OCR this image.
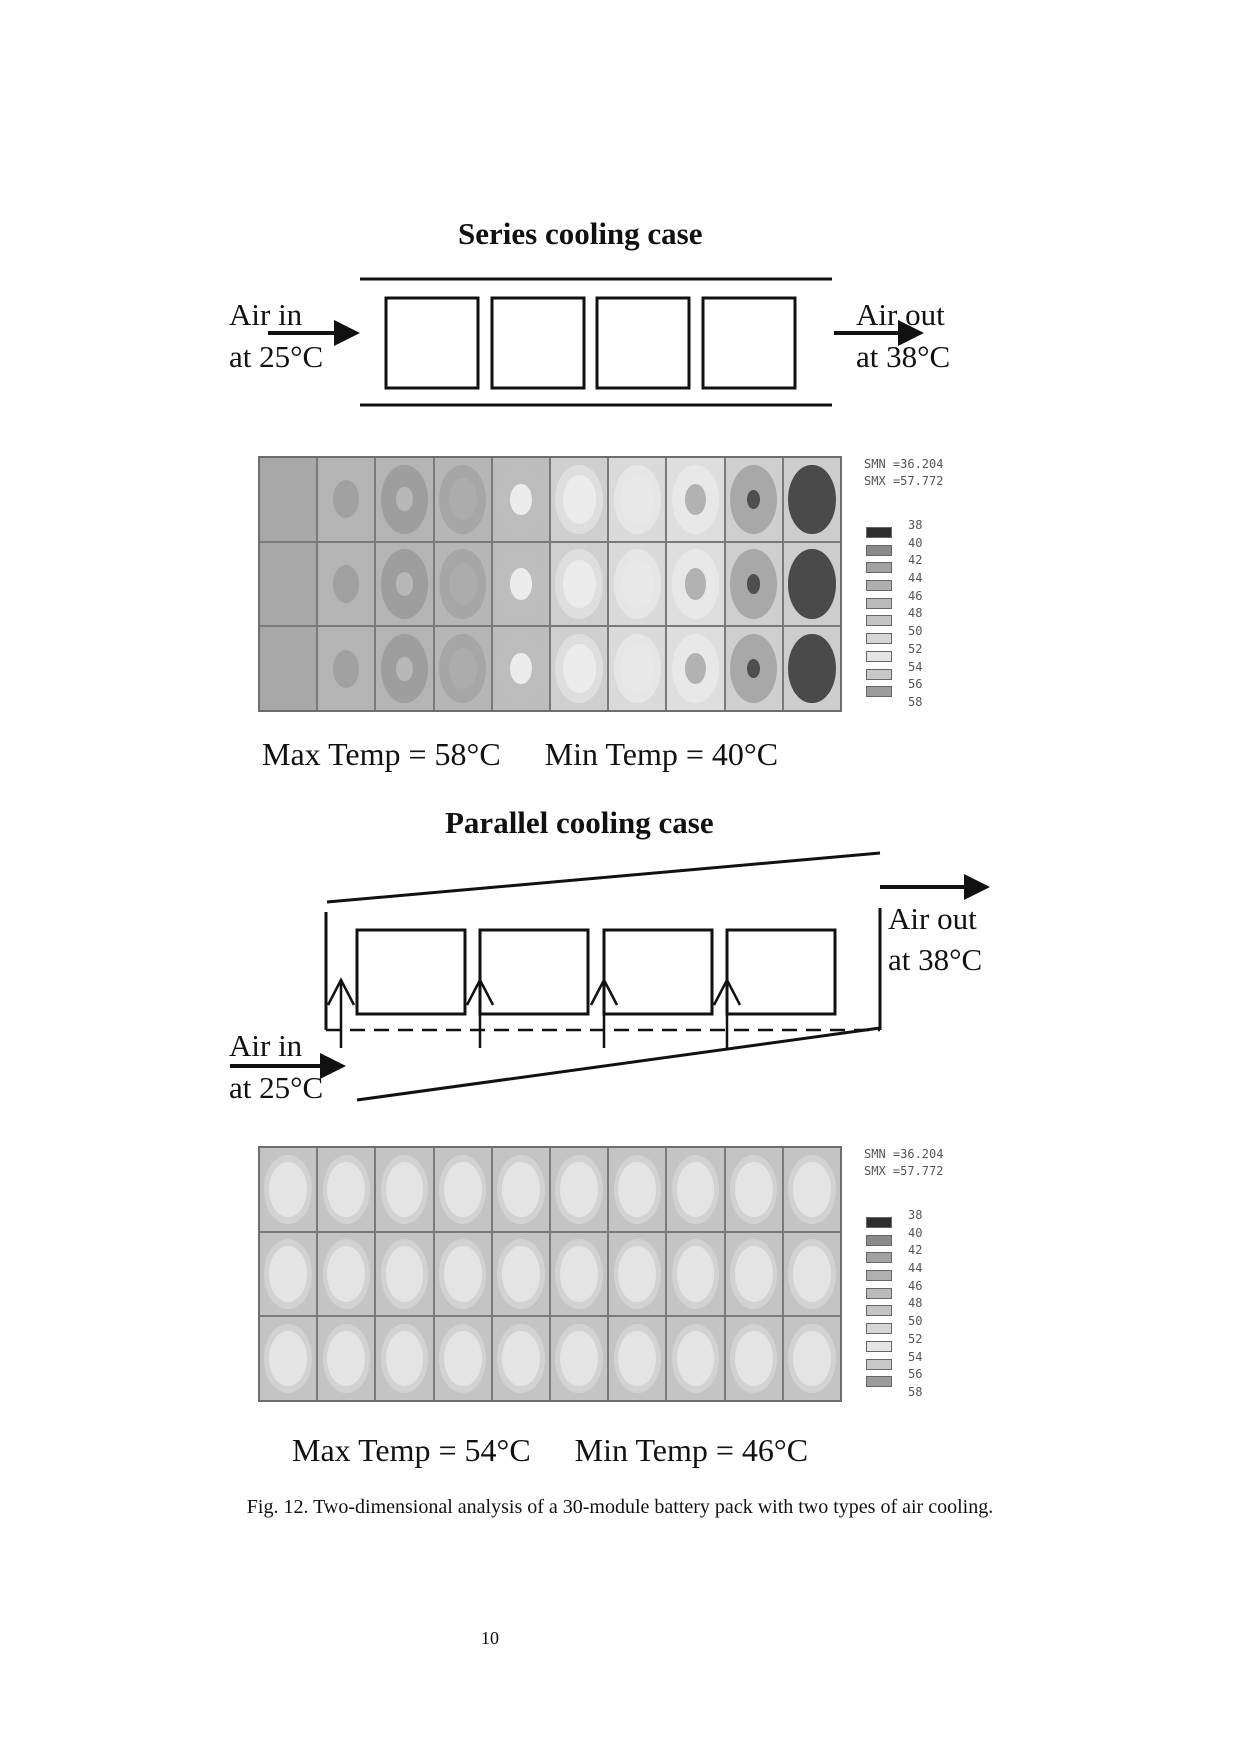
Series cooling case
Air in
at 25°C
Air out
at 38°C
SMN =36.204
SMX =57.772
38
40
42
44
46
48
50
52
54
56
58
Max Temp = 58°C Min Temp = 40°C
Parallel cooling case
Air out
at 38°C
Air in
at 25°C
SMN =36.204
SMX =57.772
38
40
42
44
46
48
50
52
54
56
58
Max Temp = 54°C Min Temp = 46°C
Fig. 12. Two-dimensional analysis of a 30-module battery pack with two types of air cooling.
10
